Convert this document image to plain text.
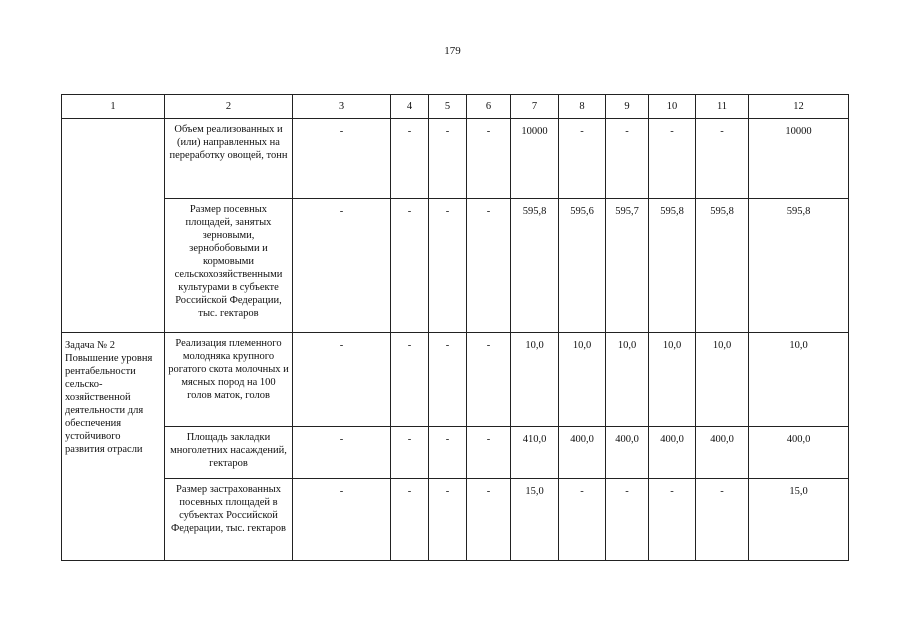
179
1	2	3	4	5	6	7	8	9	10	11	12
	Объем реализованных и (или) направленных на переработку овощей, тонн	-	-	-	-	10000	-	-	-	-	10000
	Размер посевных площадей, занятых зерновыми, зернобобовыми и кормовыми сельскохозяйственными культурами в субъекте Российской Федерации, тыс. гектаров	-	-	-	-	595,8	595,6	595,7	595,8	595,8	595,8
Задача № 2 Повышение уровня рентабельности сельско-хозяйственной деятельности для обеспечения устойчивого развития отрасли	Реализация племенного молодняка крупного рогатого скота молочных и мясных пород на 100 голов маток, голов	-	-	-	-	10,0	10,0	10,0	10,0	10,0	10,0
	Площадь закладки многолетних насаждений, гектаров	-	-	-	-	410,0	400,0	400,0	400,0	400,0	400,0
	Размер застрахованных посевных площадей в субъектах Российской Федерации, тыс. гектаров	-	-	-	-	15,0	-	-	-	-	15,0
